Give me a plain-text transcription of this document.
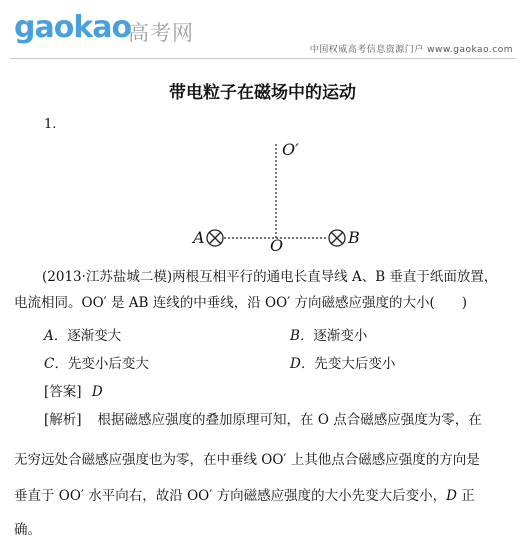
gaokao
高考网
中国权威高考信息资源门户 www.gaokao.com
带电粒子在磁场中的运动
1.
O′
O
A	B
(2013·江苏盐城二模)两根互相平行的通电长直导线 A、B 垂直于纸面放置，
电流相同。OO′ 是 AB 连线的中垂线，沿 OO′ 方向磁感应强度的大小(　　)
A．逐渐变大	B．逐渐变小
C．先变小后变大	D．先变大后变小
[答案] D
[解析] 根据磁感应强度的叠加原理可知，在 O 点合磁感应强度为零，在
无穷远处合磁感应强度也为零，在中垂线 OO′ 上其他点合磁感应强度的方向是
垂直于 OO′ 水平向右，故沿 OO′ 方向磁感应强度的大小先变大后变小，D 正
确。
